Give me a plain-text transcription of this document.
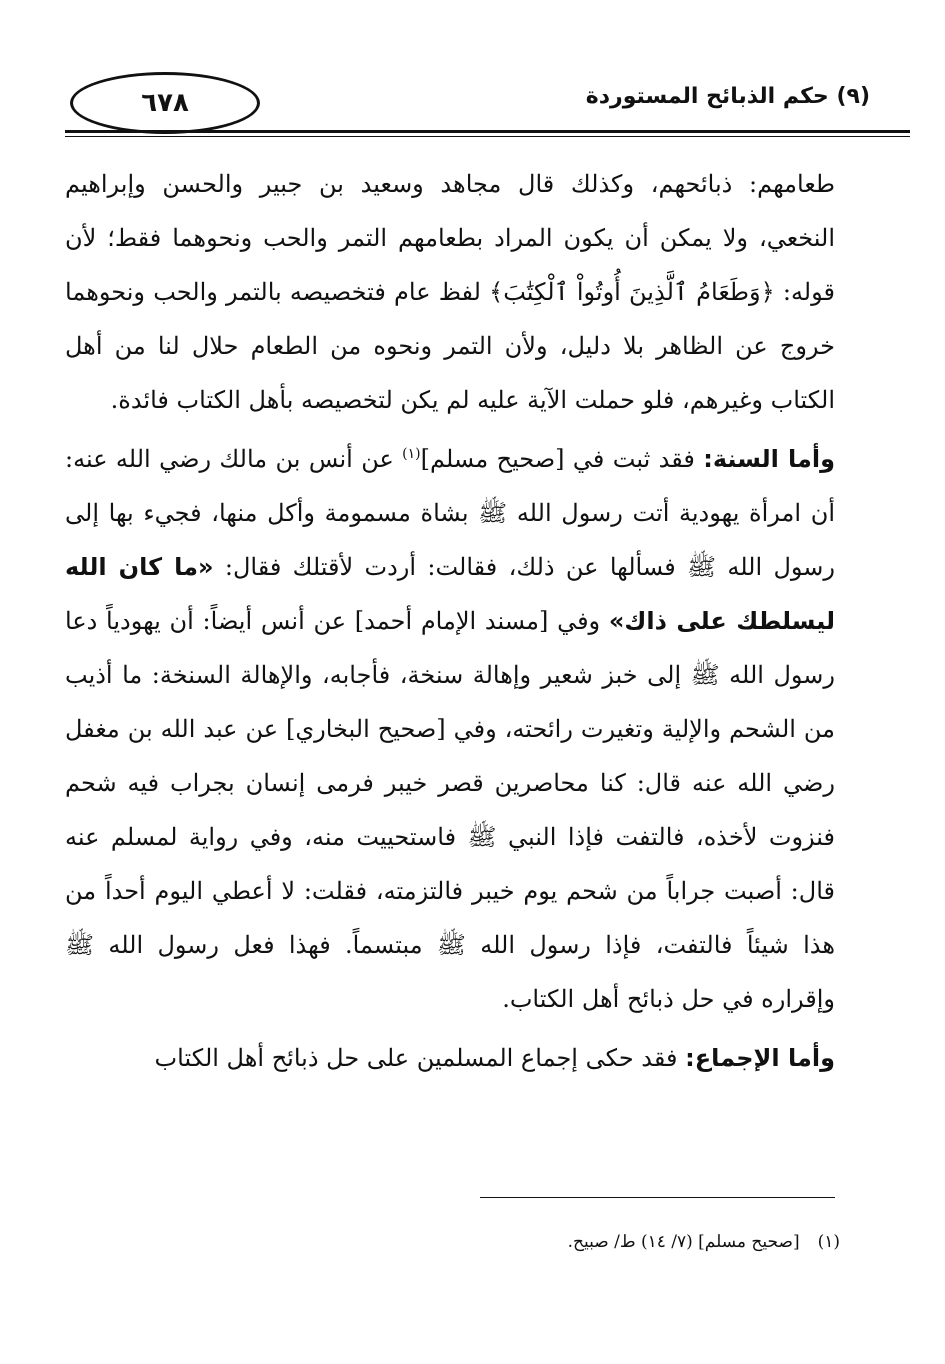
٦٧٨	(٩) حكم الذبائح المستوردة

طعامهم: ذبائحهم، وكذلك قال مجاهد وسعيد بن جبير والحسن وإبراهيم النخعي، ولا يمكن أن يكون المراد بطعامهم التمر والحب ونحوهما فقط؛ لأن قوله: ﴿وَطَعَامُ ٱلَّذِينَ أُوتُواْ ٱلْكِتَٰبَ﴾ لفظ عام فتخصيصه بالتمر والحب ونحوهما خروج عن الظاهر بلا دليل، ولأن التمر ونحوه من الطعام حلال لنا من أهل الكتاب وغيرهم، فلو حملت الآية عليه لم يكن لتخصيصه بأهل الكتاب فائدة.

وأما السنة: فقد ثبت في [صحيح مسلم]$^{(١)}$ عن أنس بن مالك رضي الله عنه: أن امرأة يهودية أتت رسول الله ﷺ بشاة مسمومة وأكل منها، فجيء بها إلى رسول الله ﷺ فسألها عن ذلك، فقالت: أردت لأقتلك فقال: «ما كان الله ليسلطك على ذاك» وفي [مسند الإمام أحمد] عن أنس أيضاً: أن يهودياً دعا رسول الله ﷺ إلى خبز شعير وإهالة سنخة، فأجابه، والإهالة السنخة: ما أذيب من الشحم والإلية وتغيرت رائحته، وفي [صحيح البخاري] عن عبد الله بن مغفل رضي الله عنه قال: كنا محاصرين قصر خيبر فرمى إنسان بجراب فيه شحم فنزوت لأخذه، فالتفت فإذا النبي ﷺ فاستحييت منه، وفي رواية لمسلم عنه قال: أصبت جراباً من شحم يوم خيبر فالتزمته، فقلت: لا أعطي اليوم أحداً من هذا شيئاً فالتفت، فإذا رسول الله ﷺ مبتسماً. فهذا فعل رسول الله ﷺ وإقراره في حل ذبائح أهل الكتاب.

وأما الإجماع: فقد حكى إجماع المسلمين على حل ذبائح أهل الكتاب

(١)[صحيح مسلم] (٧/ ١٤) ط/ صبيح.
